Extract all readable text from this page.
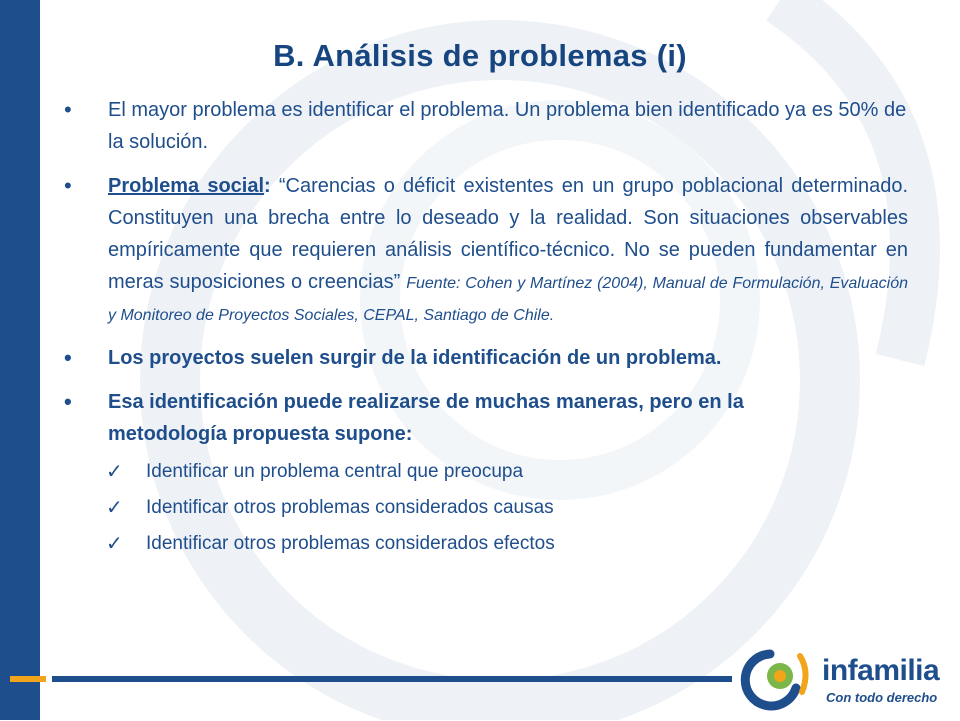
B. Análisis de problemas (i)
• El mayor problema es identificar el problema. Un problema bien identificado ya es 50% de la solución.
• Problema social: “Carencias o déficit existentes en un grupo poblacional determinado. Constituyen una brecha entre lo deseado y la realidad. Son situaciones observables empíricamente que requieren análisis científico-técnico. No se pueden fundamentar en meras suposiciones o creencias” Fuente: Cohen y Martínez (2004), Manual de Formulación, Evaluación y Monitoreo de Proyectos Sociales, CEPAL, Santiago de Chile.
• Los proyectos suelen surgir de la identificación de un problema.
• Esa identificación puede realizarse de muchas maneras, pero en la
metodología propuesta supone:
✓ Identificar un problema central que preocupa
✓ Identificar otros problemas considerados causas
✓ Identificar otros problemas considerados efectos
infamilia
Con todo derecho
